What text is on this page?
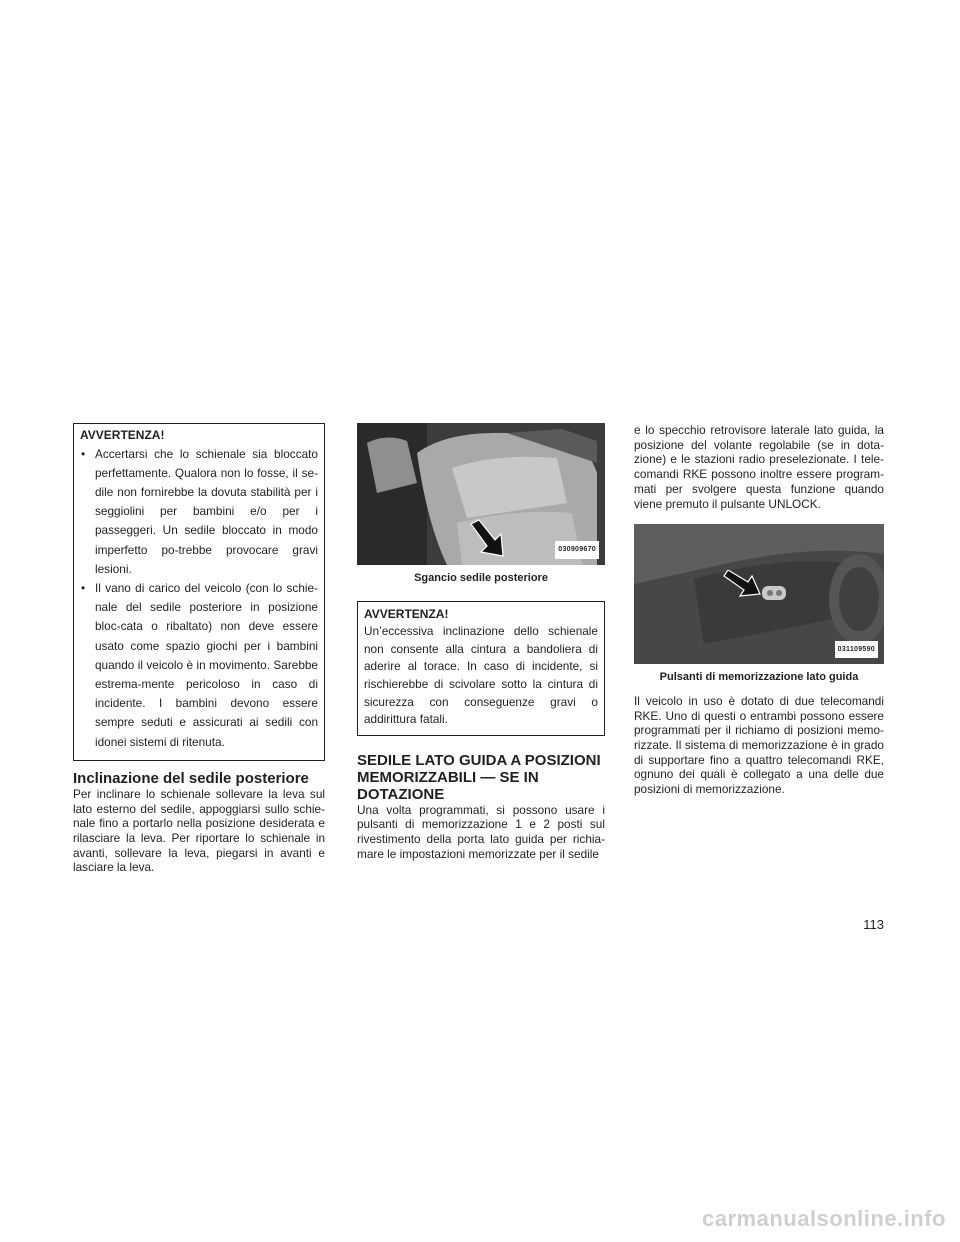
AVVERTENZA!
• Accertarsi che lo schienale sia bloccato perfettamente. Qualora non lo fosse, il se-dile non fornirebbe la dovuta stabilità per i seggiolini per bambini e/o per i passeggeri. Un sedile bloccato in modo imperfetto po-trebbe provocare gravi lesioni.
• Il vano di carico del veicolo (con lo schie-nale del sedile posteriore in posizione bloc-cata o ribaltato) non deve essere usato come spazio giochi per i bambini quando il veicolo è in movimento. Sarebbe estrema-mente pericoloso in caso di incidente. I bambini devono essere sempre seduti e assicurati ai sedili con idonei sistemi di ritenuta.
Inclinazione del sedile posteriore

Per inclinare lo schienale sollevare la leva sul lato esterno del sedile, appoggiarsi sullo schie-nale fino a portarlo nella posizione desiderata e rilasciare la leva. Per riportare lo schienale in avanti, sollevare la leva, piegarsi in avanti e lasciare la leva.

030909670
Sgancio sedile posteriore
AVVERTENZA!

Un’eccessiva inclinazione dello schienale non consente alla cintura a bandoliera di aderire al torace. In caso di incidente, si rischierebbe di scivolare sotto la cintura di sicurezza con conseguenze gravi o addirittura fatali.

SEDILE LATO GUIDA A POSIZIONI
MEMORIZZABILI — SE IN DOTAZIONE

Una volta programmati, si possono usare i pulsanti di memorizzazione 1 e 2 posti sul rivestimento della porta lato guida per richia-mare le impostazioni memorizzate per il sedile

e lo specchio retrovisore laterale lato guida, la posizione del volante regolabile (se in dota-zione) e le stazioni radio preselezionate. I tele-comandi RKE possono inoltre essere program-mati per svolgere questa funzione quando viene premuto il pulsante UNLOCK.

031109590
Pulsanti di memorizzazione lato guida

Il veicolo in uso è dotato di due telecomandi RKE. Uno di questi o entrambi possono essere programmati per il richiamo di posizioni memo-rizzate. Il sistema di memorizzazione è in grado di supportare fino a quattro telecomandi RKE, ognuno dei quali è collegato a una delle due posizioni di memorizzazione.

113
carmanualsonline.info
